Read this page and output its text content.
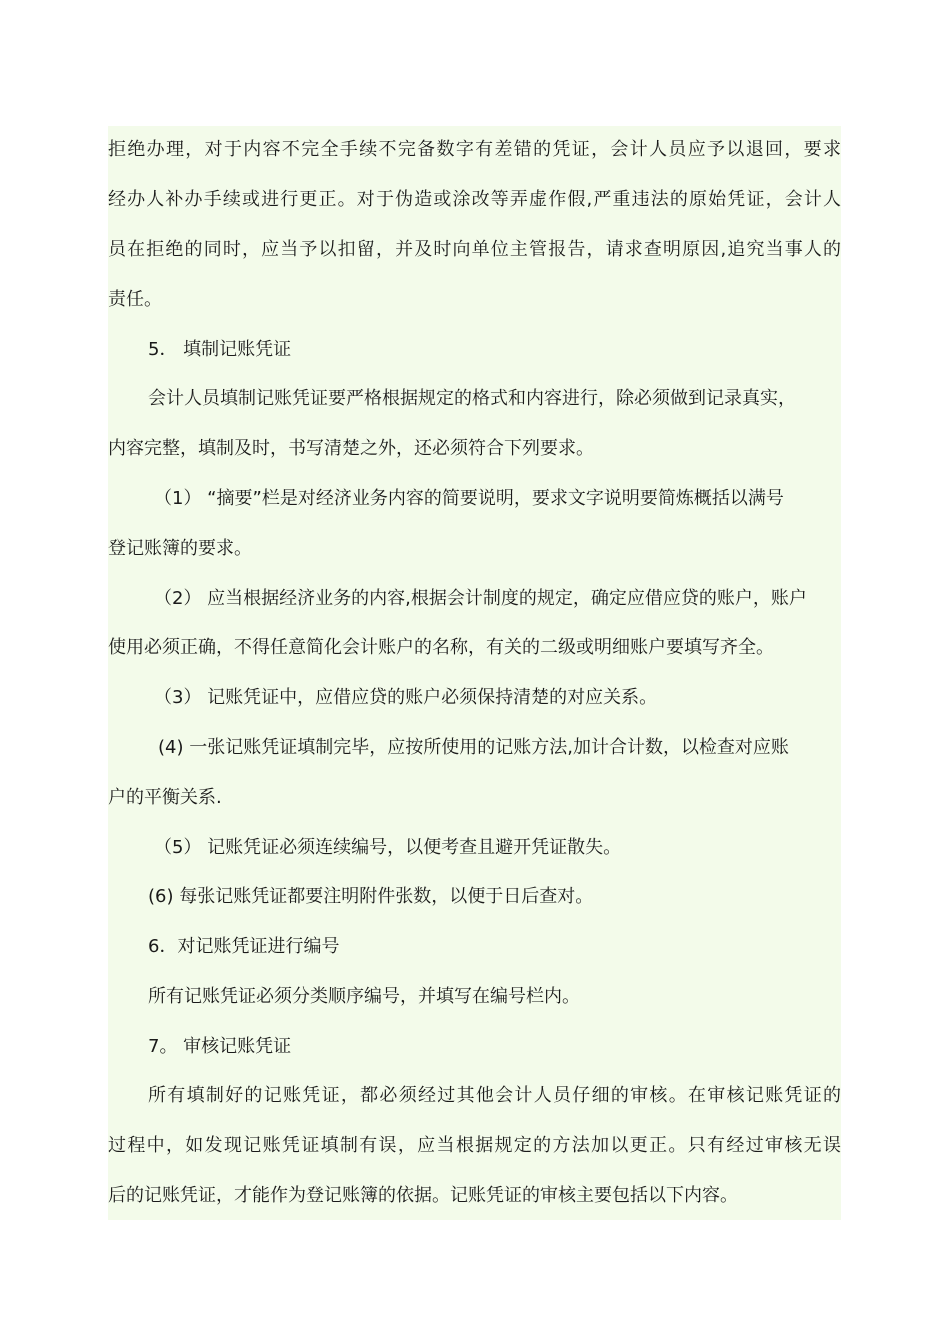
拒绝办理，对于内容不完全手续不完备数字有差错的凭证，会计人员应予以退回，要求
经办人补办手续或进行更正。对于伪造或涂改等弄虚作假,严重违法的原始凭证，会计人
员在拒绝的同时，应当予以扣留，并及时向单位主管报告，请求查明原因,追究当事人的
责任。
5． 填制记账凭证
会计人员填制记账凭证要严格根据规定的格式和内容进行，除必须做到记录真实，
内容完整，填制及时，书写清楚之外，还必须符合下列要求。
（1） “摘要”栏是对经济业务内容的简要说明，要求文字说明要简炼概括以满号
登记账簿的要求。
（2） 应当根据经济业务的内容,根据会计制度的规定，确定应借应贷的账户，账户
使用必须正确，不得任意简化会计账户的名称，有关的二级或明细账户要填写齐全。
（3） 记账凭证中，应借应贷的账户必须保持清楚的对应关系。
(4) 一张记账凭证填制完毕，应按所使用的记账方法,加计合计数，以检查对应账
户的平衡关系.
（5） 记账凭证必须连续编号，以便考查且避开凭证散失。
(6) 每张记账凭证都要注明附件张数，以便于日后查对。
6．对记账凭证进行编号
所有记账凭证必须分类顺序编号，并填写在编号栏内。
7。 审核记账凭证
所有填制好的记账凭证，都必须经过其他会计人员仔细的审核。在审核记账凭证的
过程中，如发现记账凭证填制有误，应当根据规定的方法加以更正。只有经过审核无误
后的记账凭证，才能作为登记账簿的依据。记账凭证的审核主要包括以下内容。
